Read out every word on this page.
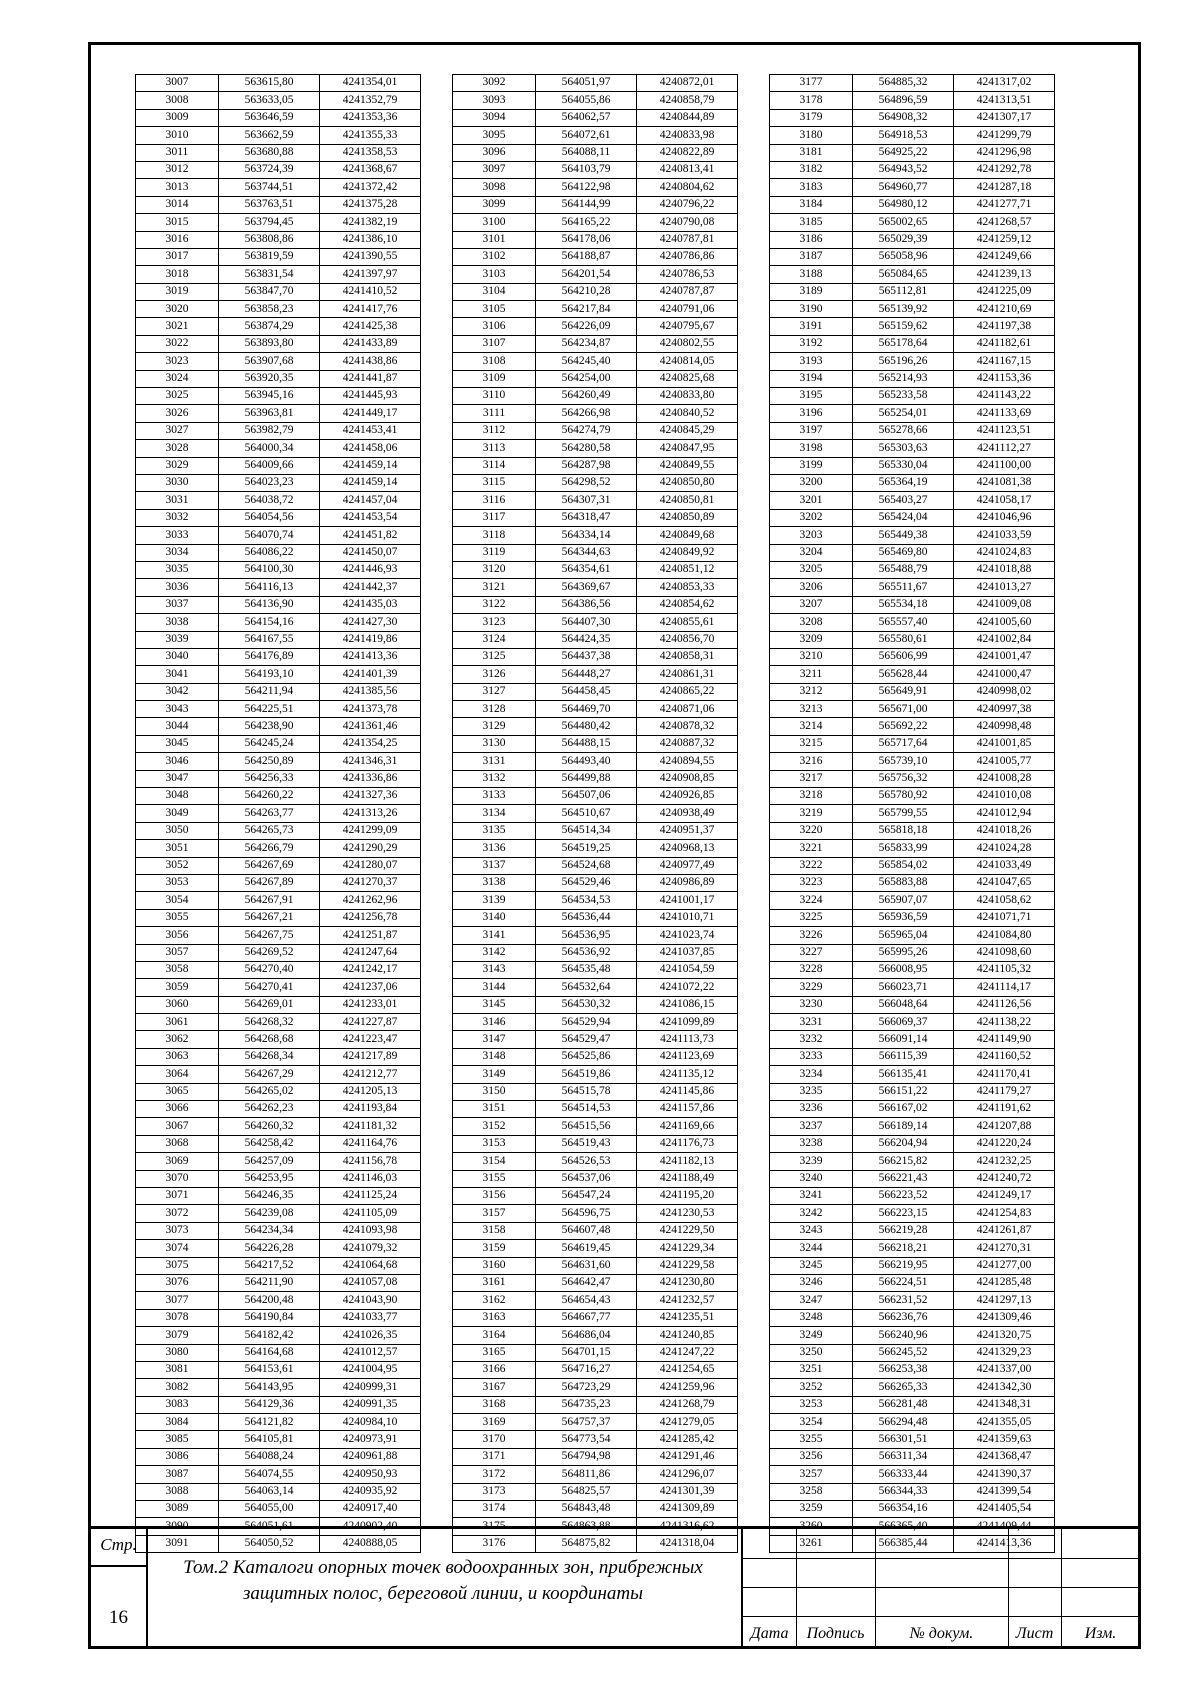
3007	563615,80	4241354,01
3008	563633,05	4241352,79
3009	563646,59	4241353,36
3010	563662,59	4241355,33
3011	563680,88	4241358,53
3012	563724,39	4241368,67
3013	563744,51	4241372,42
3014	563763,51	4241375,28
3015	563794,45	4241382,19
3016	563808,86	4241386,10
3017	563819,59	4241390,55
3018	563831,54	4241397,97
3019	563847,70	4241410,52
3020	563858,23	4241417,76
3021	563874,29	4241425,38
3022	563893,80	4241433,89
3023	563907,68	4241438,86
3024	563920,35	4241441,87
3025	563945,16	4241445,93
3026	563963,81	4241449,17
3027	563982,79	4241453,41
3028	564000,34	4241458,06
3029	564009,66	4241459,14
3030	564023,23	4241459,14
3031	564038,72	4241457,04
3032	564054,56	4241453,54
3033	564070,74	4241451,82
3034	564086,22	4241450,07
3035	564100,30	4241446,93
3036	564116,13	4241442,37
3037	564136,90	4241435,03
3038	564154,16	4241427,30
3039	564167,55	4241419,86
3040	564176,89	4241413,36
3041	564193,10	4241401,39
3042	564211,94	4241385,56
3043	564225,51	4241373,78
3044	564238,90	4241361,46
3045	564245,24	4241354,25
3046	564250,89	4241346,31
3047	564256,33	4241336,86
3048	564260,22	4241327,36
3049	564263,77	4241313,26
3050	564265,73	4241299,09
3051	564266,79	4241290,29
3052	564267,69	4241280,07
3053	564267,89	4241270,37
3054	564267,91	4241262,96
3055	564267,21	4241256,78
3056	564267,75	4241251,87
3057	564269,52	4241247,64
3058	564270,40	4241242,17
3059	564270,41	4241237,06
3060	564269,01	4241233,01
3061	564268,32	4241227,87
3062	564268,68	4241223,47
3063	564268,34	4241217,89
3064	564267,29	4241212,77
3065	564265,02	4241205,13
3066	564262,23	4241193,84
3067	564260,32	4241181,32
3068	564258,42	4241164,76
3069	564257,09	4241156,78
3070	564253,95	4241146,03
3071	564246,35	4241125,24
3072	564239,08	4241105,09
3073	564234,34	4241093,98
3074	564226,28	4241079,32
3075	564217,52	4241064,68
3076	564211,90	4241057,08
3077	564200,48	4241043,90
3078	564190,84	4241033,77
3079	564182,42	4241026,35
3080	564164,68	4241012,57
3081	564153,61	4241004,95
3082	564143,95	4240999,31
3083	564129,36	4240991,35
3084	564121,82	4240984,10
3085	564105,81	4240973,91
3086	564088,24	4240961,88
3087	564074,55	4240950,93
3088	564063,14	4240935,92
3089	564055,00	4240917,40
3090	564051,61	4240902,40
3091	564050,52	4240888,05
3092	564051,97	4240872,01
3093	564055,86	4240858,79
3094	564062,57	4240844,89
3095	564072,61	4240833,98
3096	564088,11	4240822,89
3097	564103,79	4240813,41
3098	564122,98	4240804,62
3099	564144,99	4240796,22
3100	564165,22	4240790,08
3101	564178,06	4240787,81
3102	564188,87	4240786,86
3103	564201,54	4240786,53
3104	564210,28	4240787,87
3105	564217,84	4240791,06
3106	564226,09	4240795,67
3107	564234,87	4240802,55
3108	564245,40	4240814,05
3109	564254,00	4240825,68
3110	564260,49	4240833,80
3111	564266,98	4240840,52
3112	564274,79	4240845,29
3113	564280,58	4240847,95
3114	564287,98	4240849,55
3115	564298,52	4240850,80
3116	564307,31	4240850,81
3117	564318,47	4240850,89
3118	564334,14	4240849,68
3119	564344,63	4240849,92
3120	564354,61	4240851,12
3121	564369,67	4240853,33
3122	564386,56	4240854,62
3123	564407,30	4240855,61
3124	564424,35	4240856,70
3125	564437,38	4240858,31
3126	564448,27	4240861,31
3127	564458,45	4240865,22
3128	564469,70	4240871,06
3129	564480,42	4240878,32
3130	564488,15	4240887,32
3131	564493,40	4240894,55
3132	564499,88	4240908,85
3133	564507,06	4240926,85
3134	564510,67	4240938,49
3135	564514,34	4240951,37
3136	564519,25	4240968,13
3137	564524,68	4240977,49
3138	564529,46	4240986,89
3139	564534,53	4241001,17
3140	564536,44	4241010,71
3141	564536,95	4241023,74
3142	564536,92	4241037,85
3143	564535,48	4241054,59
3144	564532,64	4241072,22
3145	564530,32	4241086,15
3146	564529,94	4241099,89
3147	564529,47	4241113,73
3148	564525,86	4241123,69
3149	564519,86	4241135,12
3150	564515,78	4241145,86
3151	564514,53	4241157,86
3152	564515,56	4241169,66
3153	564519,43	4241176,73
3154	564526,53	4241182,13
3155	564537,06	4241188,49
3156	564547,24	4241195,20
3157	564596,75	4241230,53
3158	564607,48	4241229,50
3159	564619,45	4241229,34
3160	564631,60	4241229,58
3161	564642,47	4241230,80
3162	564654,43	4241232,57
3163	564667,77	4241235,51
3164	564686,04	4241240,85
3165	564701,15	4241247,22
3166	564716,27	4241254,65
3167	564723,29	4241259,96
3168	564735,23	4241268,79
3169	564757,37	4241279,05
3170	564773,54	4241285,42
3171	564794,98	4241291,46
3172	564811,86	4241296,07
3173	564825,57	4241301,39
3174	564843,48	4241309,89
3175	564863,88	4241316,62
3176	564875,82	4241318,04
3177	564885,32	4241317,02
3178	564896,59	4241313,51
3179	564908,32	4241307,17
3180	564918,53	4241299,79
3181	564925,22	4241296,98
3182	564943,52	4241292,78
3183	564960,77	4241287,18
3184	564980,12	4241277,71
3185	565002,65	4241268,57
3186	565029,39	4241259,12
3187	565058,96	4241249,66
3188	565084,65	4241239,13
3189	565112,81	4241225,09
3190	565139,92	4241210,69
3191	565159,62	4241197,38
3192	565178,64	4241182,61
3193	565196,26	4241167,15
3194	565214,93	4241153,36
3195	565233,58	4241143,22
3196	565254,01	4241133,69
3197	565278,66	4241123,51
3198	565303,63	4241112,27
3199	565330,04	4241100,00
3200	565364,19	4241081,38
3201	565403,27	4241058,17
3202	565424,04	4241046,96
3203	565449,38	4241033,59
3204	565469,80	4241024,83
3205	565488,79	4241018,88
3206	565511,67	4241013,27
3207	565534,18	4241009,08
3208	565557,40	4241005,60
3209	565580,61	4241002,84
3210	565606,99	4241001,47
3211	565628,44	4241000,47
3212	565649,91	4240998,02
3213	565671,00	4240997,38
3214	565692,22	4240998,48
3215	565717,64	4241001,85
3216	565739,10	4241005,77
3217	565756,32	4241008,28
3218	565780,92	4241010,08
3219	565799,55	4241012,94
3220	565818,18	4241018,26
3221	565833,99	4241024,28
3222	565854,02	4241033,49
3223	565883,88	4241047,65
3224	565907,07	4241058,62
3225	565936,59	4241071,71
3226	565965,04	4241084,80
3227	565995,26	4241098,60
3228	566008,95	4241105,32
3229	566023,71	4241114,17
3230	566048,64	4241126,56
3231	566069,37	4241138,22
3232	566091,14	4241149,90
3233	566115,39	4241160,52
3234	566135,41	4241170,41
3235	566151,22	4241179,27
3236	566167,02	4241191,62
3237	566189,14	4241207,88
3238	566204,94	4241220,24
3239	566215,82	4241232,25
3240	566221,43	4241240,72
3241	566223,52	4241249,17
3242	566223,15	4241254,83
3243	566219,28	4241261,87
3244	566218,21	4241270,31
3245	566219,95	4241277,00
3246	566224,51	4241285,48
3247	566231,52	4241297,13
3248	566236,76	4241309,46
3249	566240,96	4241320,75
3250	566245,52	4241329,23
3251	566253,38	4241337,00
3252	566265,33	4241342,30
3253	566281,48	4241348,31
3254	566294,48	4241355,05
3255	566301,51	4241359,63
3256	566311,34	4241368,47
3257	566333,44	4241390,37
3258	566344,33	4241399,54
3259	566354,16	4241405,54
3260	566365,40	4241409,44
3261	566385,44	4241413,36
Стр.
16
Том.2 Каталоги опорных точек водоохранных зон, прибрежных
защитных полос, береговой линии, и координаты
Дата	Подпись	№ докум.	Лист	Изм.
